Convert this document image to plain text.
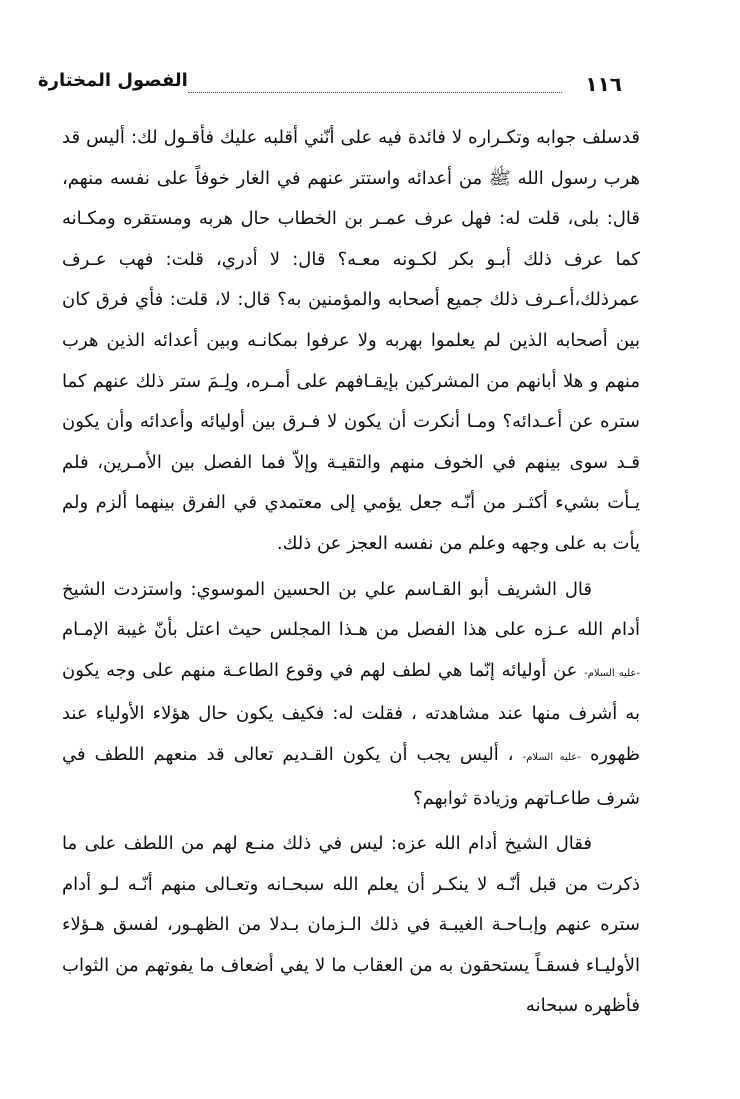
١١٦
الفصول المختارة

قدسلف جوابه وتكـراره لا فائدة فيه على أنّني أقلبه عليك فأقـول لك: أليس قد هرب رسول الله ﷺ من أعدائه واستتر عنهم في الغار خوفاً على نفسه منهم، قال: بلى، قلت له: فهل عرف عمـر بن الخطاب حال هربه ومستقره ومكـانه كما عرف ذلك أبـو بكر لكـونه معـه؟ قال: لا أدري، قلت: فهب عـرف عمرذلك،أعـرف ذلك جميع أصحابه والمؤمنين به؟ قال: لا، قلت: فأي فرق كان بين أصحابه الذين لم يعلموا بهربه ولا عرفوا بمكانـه وبين أعدائه الذين هرب منهم و هلا أبانهم من المشركين بإيقـافهم على أمـره، ولِـمَ ستر ذلك عنهم كما ستره عن أعـدائه؟ ومـا أنكرت أن يكون لا فـرق بين أوليائه وأعدائه وأن يكون قـد سوى بينهم في الخوف منهم والتقيـة وإلاّ فما الفصل بين الأمـرين، فلم يـأت بشيء أكثـر من أنّـه جعل يؤمي إلى معتمدي في الفرق بينهما ألزم ولم يأت به على وجهه وعلم من نفسه العجز عن ذلك.

قال الشريف أبو القـاسم علي بن الحسين الموسوي: واستزدت الشيخ أدام الله عـزه على هذا الفصل من هـذا المجلس حيث اعتل بأنّ غيبة الإمـام -عليه السلام- عن أوليائه إنّما هي لطف لهم في وقوع الطاعـة منهم على وجه يكون به أشرف منها عند مشاهدته ، فقلت له: فكيف يكون حال هؤلاء الأولياء عند ظهوره -عليه السلام- ، أليس يجب أن يكون القـديم تعالى قد منعهم اللطف في شرف طاعـاتهم وزيادة ثوابهم؟

فقال الشيخ أدام الله عزه: ليس في ذلك منـع لهم من اللطف على ما ذكرت من قبل أنّـه لا ينكـر أن يعلم الله سبحـانه وتعـالى منهم أنّـه لـو أدام ستره عنهم وإبـاحـة الغيبـة في ذلك الـزمان بـدلا من الظهـور، لفسق هـؤلاء الأوليـاء فسقـاً يستحقون به من العقاب ما لا يفي أضعاف ما يفوتهم من الثواب فأظهره سبحانه
